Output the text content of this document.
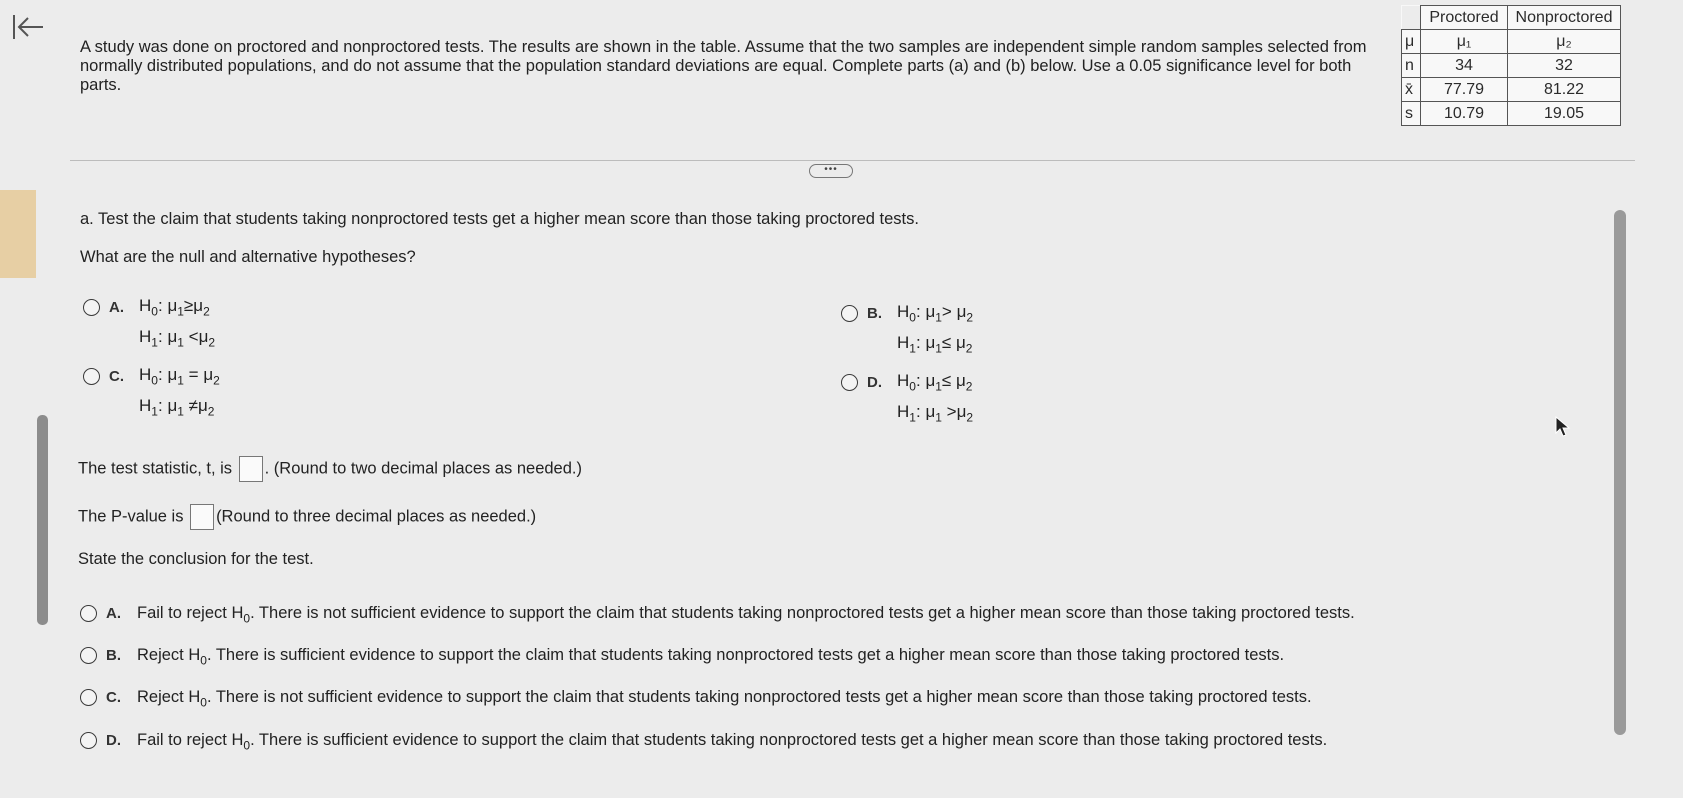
A study was done on proctored and nonproctored tests. The results are shown in the table. Assume that the two samples are independent simple random samples selected from normally distributed populations, and do not assume that the population standard deviations are equal. Complete parts (a) and (b) below. Use a 0.05 significance level for both parts.
	Proctored	Nonproctored
μ	μ₁	μ₂
n	34	32
x̄	77.79	81.22
s	10.79	19.05
•••
a. Test the claim that students taking nonproctored tests get a higher mean score than those taking proctored tests.
What are the null and alternative hypotheses?
A. $H_0$: $\mu_1\ge\mu_2$
$H_1$: $\mu_1 <\mu_2$
B. $H_0$: $\mu_1> \mu_2$
$H_1$: $\mu_1\le \mu_2$
C. $H_0$: $\mu_1 = \mu_2$
$H_1$: $\mu_1 \ne\mu_2$
D. $H_0$: $\mu_1\le \mu_2$
$H_1$: $\mu_1 >\mu_2$
The test statistic, t, is . (Round to two decimal places as needed.)
The P-value is (Round to three decimal places as needed.)
State the conclusion for the test.
A. Fail to reject $H_0$. There is not sufficient evidence to support the claim that students taking nonproctored tests get a higher mean score than those taking proctored tests.
B. Reject $H_0$. There is sufficient evidence to support the claim that students taking nonproctored tests get a higher mean score than those taking proctored tests.
C. Reject $H_0$. There is not sufficient evidence to support the claim that students taking nonproctored tests get a higher mean score than those taking proctored tests.
D. Fail to reject $H_0$. There is sufficient evidence to support the claim that students taking nonproctored tests get a higher mean score than those taking proctored tests.
